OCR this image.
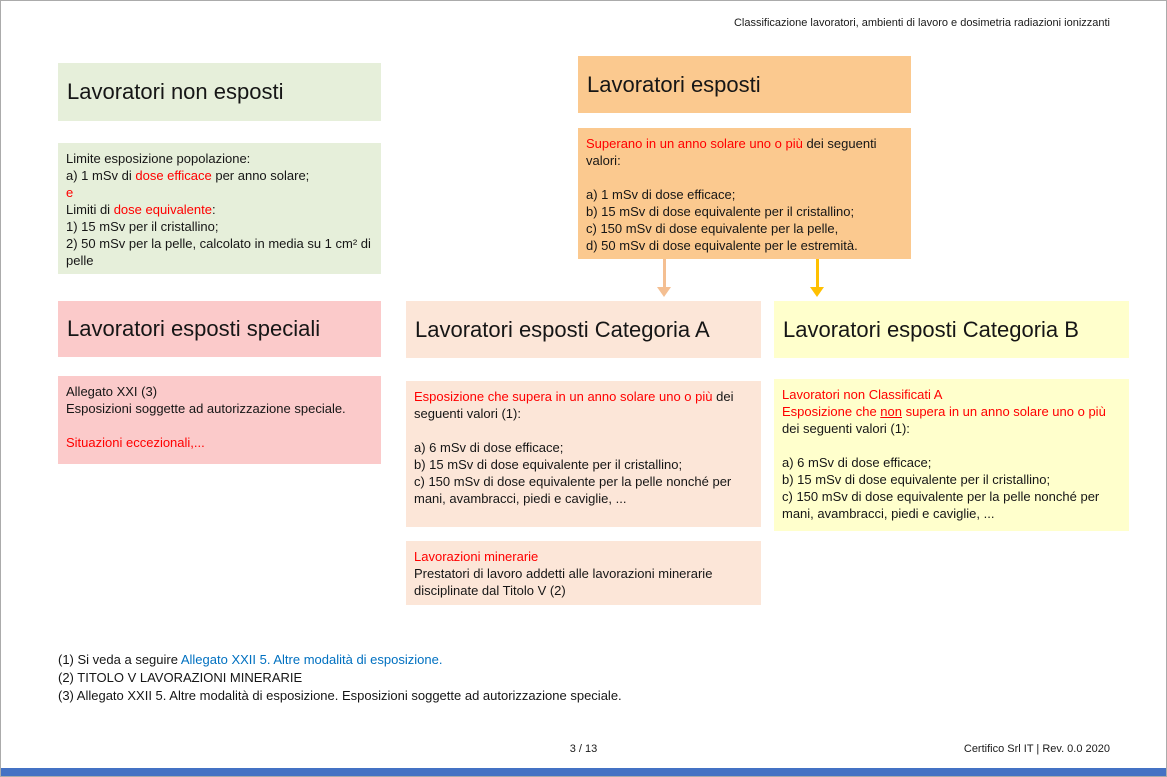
Classificazione lavoratori, ambienti di lavoro e dosimetria radiazioni ionizzanti
Lavoratori non esposti
Limite esposizione popolazione:
a) 1 mSv di dose efficace per anno solare;
e
Limiti di dose equivalente:
1) 15 mSv per il cristallino;
2) 50 mSv per la pelle, calcolato in media su 1 cm² di pelle
Lavoratori esposti
Superano in un anno solare uno o più dei seguenti valori:
a) 1 mSv di dose efficace;
b) 15 mSv di dose equivalente per il cristallino;
c) 150 mSv di dose equivalente per la pelle,
d) 50 mSv di dose equivalente per le estremità.
Lavoratori esposti speciali
Allegato XXI (3)
Esposizioni soggette ad autorizzazione speciale.
Situazioni eccezionali,...
Lavoratori esposti Categoria A
Esposizione che supera in un anno solare uno o più dei seguenti valori (1):
a) 6 mSv di dose efficace;
b) 15 mSv di dose equivalente per il cristallino;
c) 150 mSv di dose equivalente per la pelle nonché per mani, avambracci, piedi e caviglie, ...
Lavorazioni minerarie
Prestatori di lavoro addetti alle lavorazioni minerarie disciplinate dal Titolo V (2)
Lavoratori esposti Categoria B
Lavoratori non Classificati A
Esposizione che non supera in un anno solare uno o più dei seguenti valori (1):
a) 6 mSv di dose efficace;
b) 15 mSv di dose equivalente per il cristallino;
c) 150 mSv di dose equivalente per la pelle nonché per mani, avambracci, piedi e caviglie, ...
(1) Si veda a seguire Allegato XXII 5. Altre modalità di esposizione.
(2) TITOLO V LAVORAZIONI MINERARIE
(3) Allegato XXII 5. Altre modalità di esposizione. Esposizioni soggette ad autorizzazione speciale.
3 / 13	Certifico Srl IT | Rev. 0.0 2020
